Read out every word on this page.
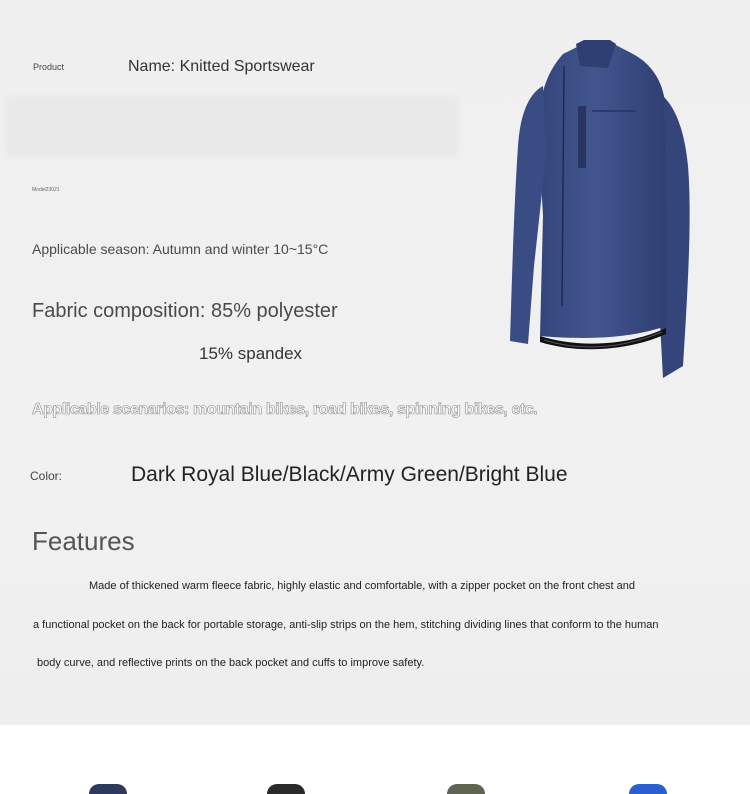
Product	Name: Knitted Sportswear
Model23021
Applicable season: Autumn and winter 10~15°C
Fabric composition: 85% polyester
15% spandex
Applicable scenarios: mountain bikes, road bikes, spinning bikes, etc.
Color:	Dark Royal Blue/Black/Army Green/Bright Blue
Features
Made of thickened warm fleece fabric, highly elastic and comfortable, with a zipper pocket on the front chest and
a functional pocket on the back for portable storage, anti-slip strips on the hem, stitching dividing lines that conform to the human
body curve, and reflective prints on the back pocket and cuffs to improve safety.
